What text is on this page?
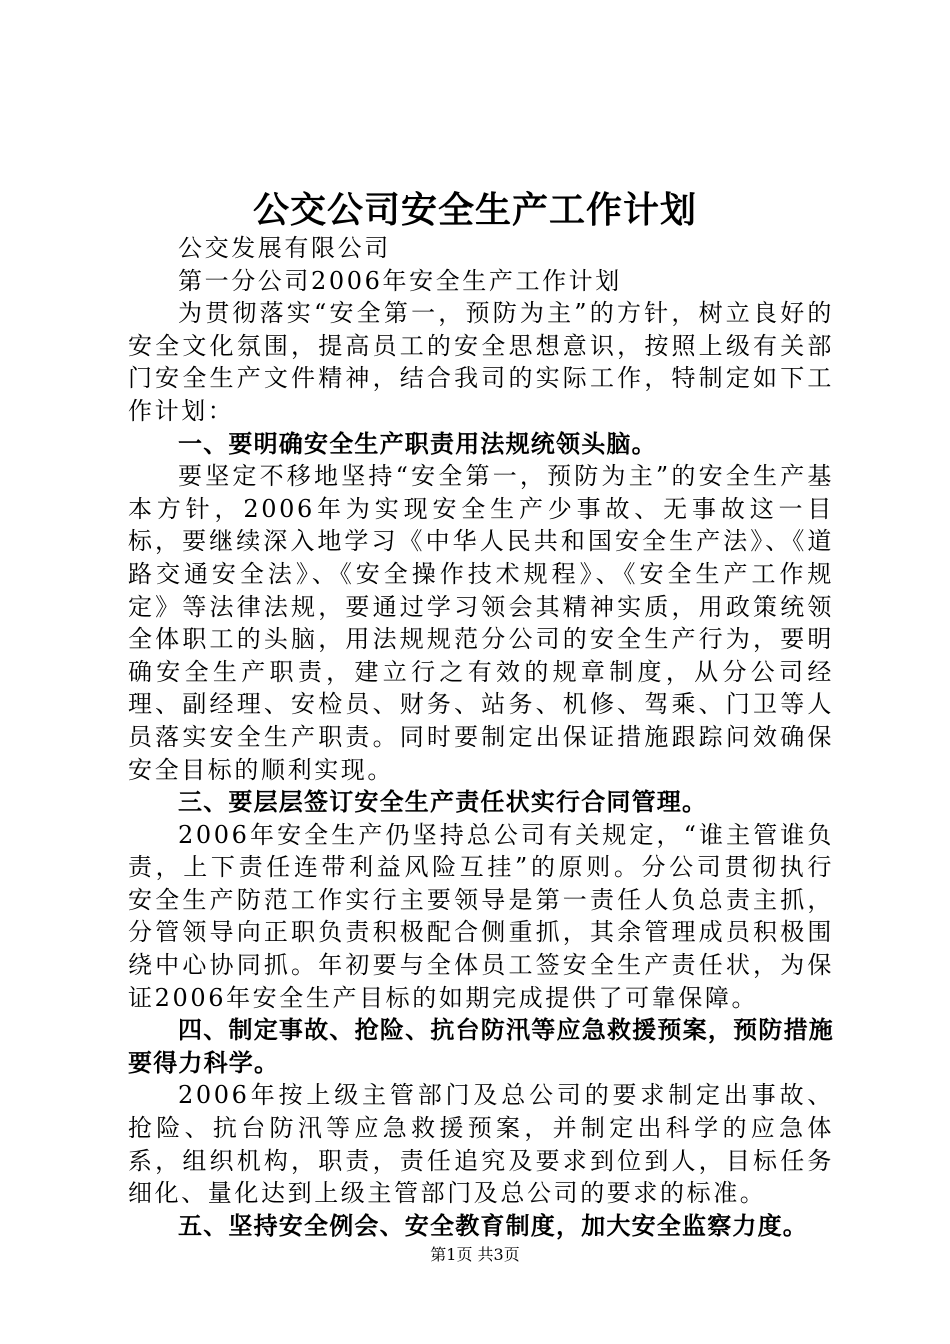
公交公司安全生产工作计划

公交发展有限公司

第一分公司2006年安全生产工作计划

为贯彻落实“安全第一，预防为主”的方针，树立良好的安全文化氛围，提高员工的安全思想意识，按照上级有关部门安全生产文件精神，结合我司的实际工作，特制定如下工作计划：

一、要明确安全生产职责用法规统领头脑。

要坚定不移地坚持“安全第一，预防为主”的安全生产基本方针，2006年为实现安全生产少事故、无事故这一目标，要继续深入地学习《中华人民共和国安全生产法》、《道路交通安全法》、《安全操作技术规程》、《安全生产工作规定》等法律法规，要通过学习领会其精神实质，用政策统领全体职工的头脑，用法规规范分公司的安全生产行为，要明确安全生产职责，建立行之有效的规章制度，从分公司经理、副经理、安检员、财务、站务、机修、驾乘、门卫等人员落实安全生产职责。同时要制定出保证措施跟踪问效确保安全目标的顺利实现。

三、要层层签订安全生产责任状实行合同管理。

2006年安全生产仍坚持总公司有关规定，“谁主管谁负责，上下责任连带利益风险互挂”的原则。分公司贯彻执行安全生产防范工作实行主要领导是第一责任人负总责主抓，分管领导向正职负责积极配合侧重抓，其余管理成员积极围绕中心协同抓。年初要与全体员工签安全生产责任状，为保证2006年安全生产目标的如期完成提供了可靠保障。

四、制定事故、抢险、抗台防汛等应急救援预案，预防措施要得力科学。

2006年按上级主管部门及总公司的要求制定出事故、抢险、抗台防汛等应急救援预案，并制定出科学的应急体系，组织机构，职责，责任追究及要求到位到人，目标任务细化、量化达到上级主管部门及总公司的要求的标准。

五、坚持安全例会、安全教育制度，加大安全监察力度。

第1页 共3页
